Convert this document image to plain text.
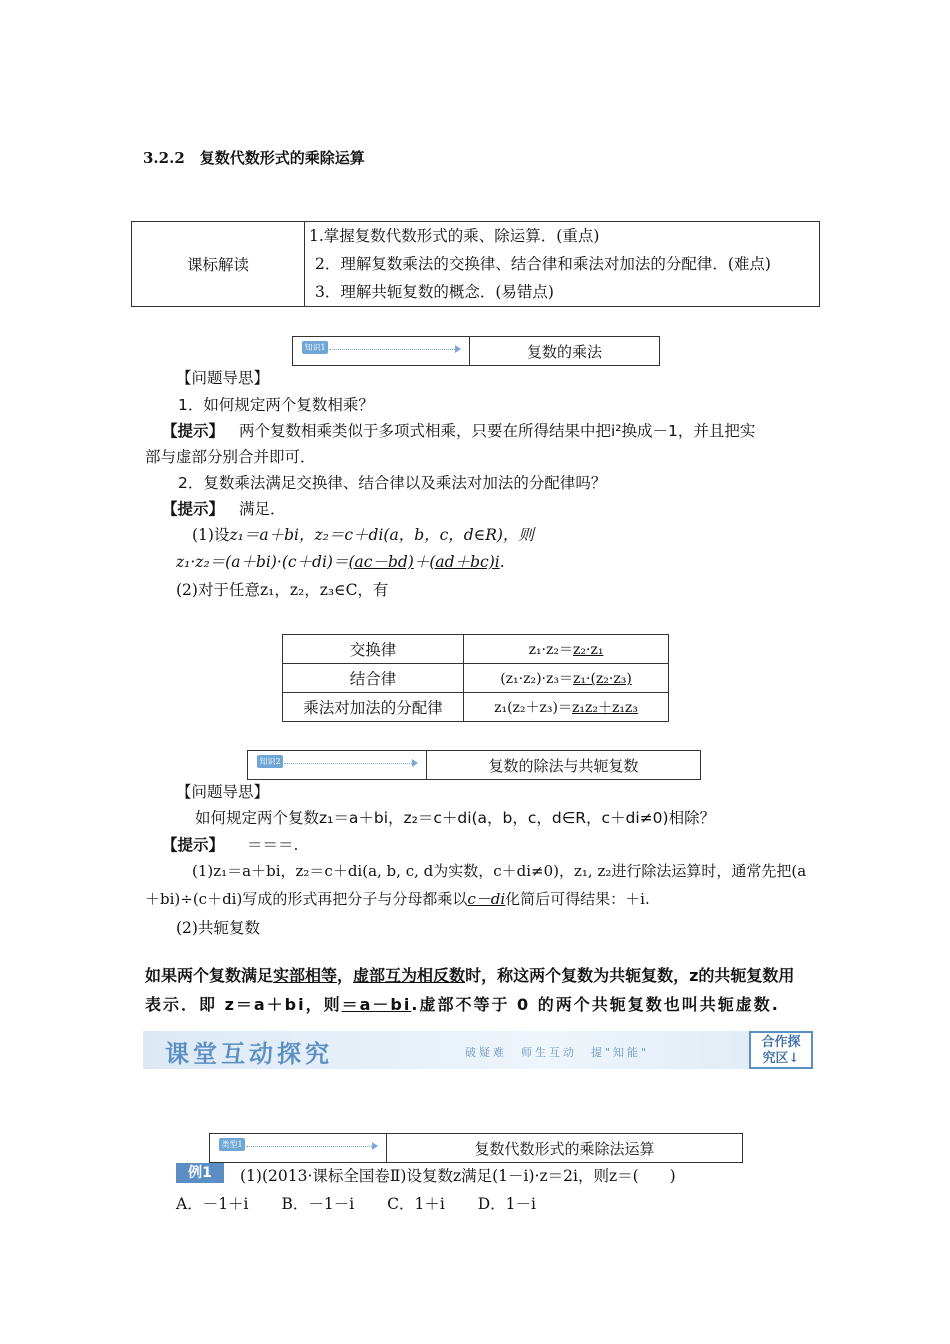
3.2.2　复数代数形式的乘除运算
课标解读	
1.掌握复数代数形式的乘、除运算．(重点)
2．理解复数乘法的交换律、结合律和乘法对加法的分配律．(难点)
3．理解共轭复数的概念．(易错点)
知识1	复数的乘法
【问题导思】
1．如何规定两个复数相乘？
【提示】 两个复数相乘类似于多项式相乘，只要在所得结果中把i²换成－1，并且把实
部与虚部分别合并即可．
2．复数乘法满足交换律、结合律以及乘法对加法的分配律吗？
【提示】 满足．
(1)设z₁＝a＋bi，z₂＝c＋di(a，b，c，d∈R)，则
z₁·z₂＝(a＋bi)·(c＋di)＝(ac－bd)＋(ad＋bc)i.
(2)对于任意z₁，z₂，z₃∈C，有
交换律	z₁·z₂＝z₂·z₁
结合律	(z₁·z₂)·z₃＝z₁·(z₂·z₃)
乘法对加法的分配律	z₁(z₂＋z₃)＝z₁z₂＋z₁z₃
知识2	复数的除法与共轭复数
【问题导思】
如何规定两个复数z₁＝a＋bi，z₂＝c＋di(a，b，c，d∈R，c＋di≠0)相除？
【提示】 ＝＝＝.
(1)z₁＝a＋bi，z₂＝c＋di(a, b, c, d为实数，c＋di≠0)，z₁, z₂进行除法运算时，通常先把(a
＋bi)÷(c＋di)写成的形式再把分子与分母都乘以c－di化简后可得结果：＋i.
(2)共轭复数
如果两个复数满足实部相等，虚部互为相反数时，称这两个复数为共轭复数，z的共轭复数用
表示．即 z＝a＋bi，则＝a－bi.虚部不等于 0 的两个共轭复数也叫共轭虚数.
课堂互动探究	破疑难　师生互动　提"知能"
合作探
究区↓
类型1	复数代数形式的乘除法运算
例1	(1)(2013·课标全国卷Ⅱ)设复数z满足(1－i)·z＝2i，则z＝(　　)
A．－1＋i B．－1－i C．1＋i D．1－i
